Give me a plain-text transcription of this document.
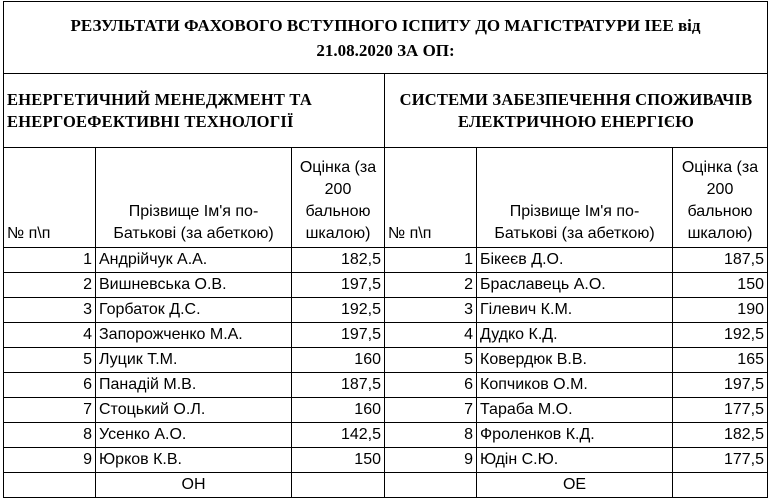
РЕЗУЛЬТАТИ ФАХОВОГО ВСТУПНОГО ІСПИТУ ДО МАГІСТРАТУРИ ІЕЕ від
21.08.2020 ЗА ОП:					
ЕНЕРГЕТИЧНИЙ МЕНЕДЖМЕНТ ТА ЕНЕРГОЕФЕКТИВНІ ТЕХНОЛОГІЇ			СИСТЕМИ ЗАБЕЗПЕЧЕННЯ СПОЖИВАЧІВ ЕЛЕКТРИЧНОЮ ЕНЕРГІЄЮ		
№ п\п	Прізвище Ім'я по-Батькові (за абеткою)	Оцінка (за 200 бальною шкалою)	№ п\п	Прізвище Ім'я по-Батькові (за абеткою)	Оцінка (за 200 бальною шкалою)
1	Андрійчук А.А.	182,5	1	Бікеєв Д.О.	187,5
2	Вишневська О.В.	197,5	2	Браславець А.О.	150
3	Горбаток Д.С.	192,5	3	Гілевич К.М.	190
4	Запорожченко М.А.	197,5	4	Дудко К.Д.	192,5
5	Луцик Т.М.	160	5	Ковердюк В.В.	165
6	Панадій М.В.	187,5	6	Копчиков О.М.	197,5
7	Стоцький О.Л.	160	7	Тараба М.О.	177,5
8	Усенко А.О.	142,5	8	Фроленков К.Д.	182,5
9	Юрков К.В.	150	9	Юдін С.Ю.	177,5
	ОН			ОЕ	
